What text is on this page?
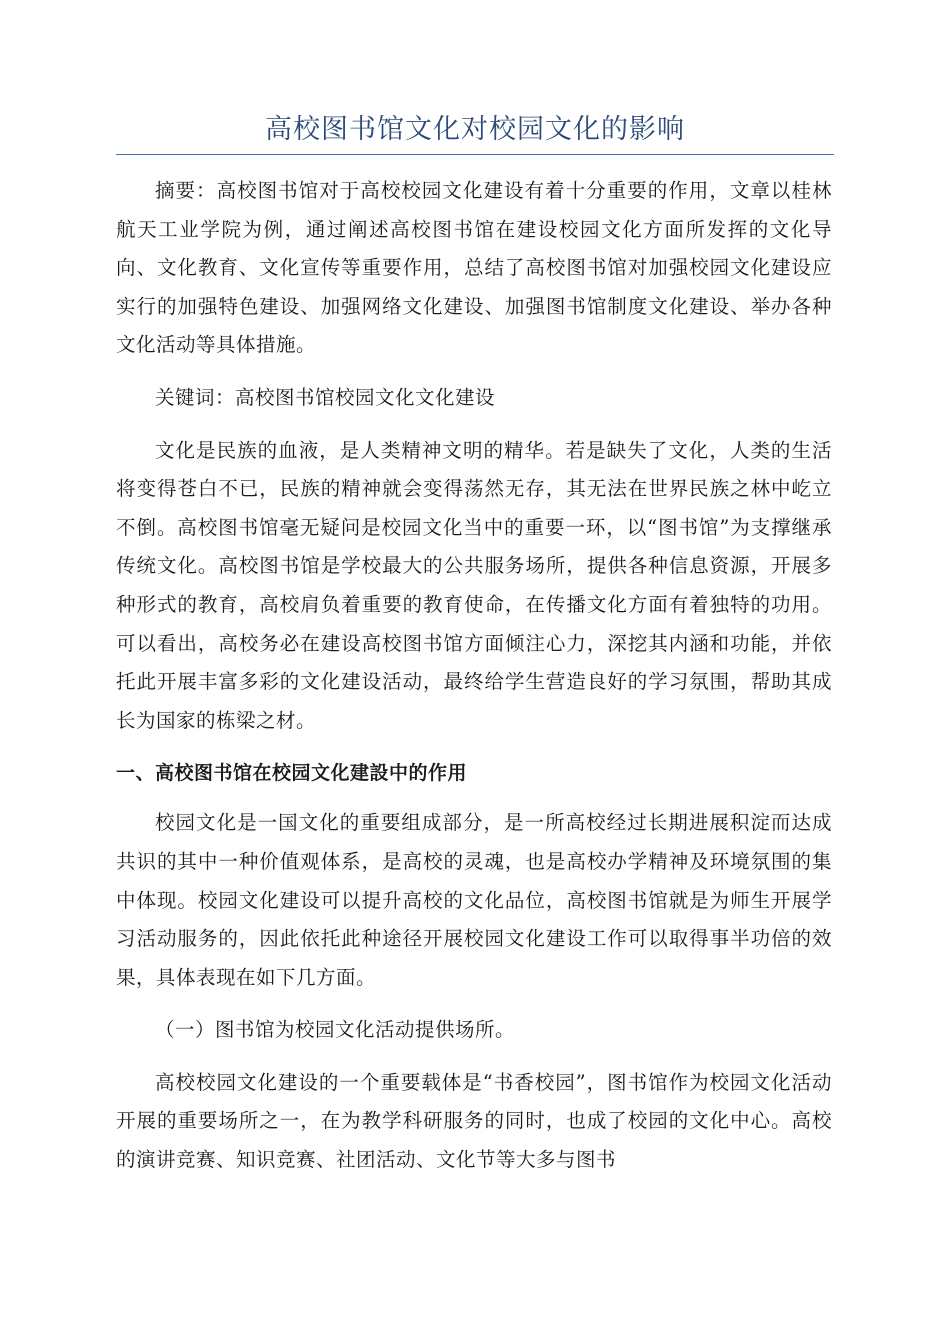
高校图书馆文化对校园文化的影响

摘要：高校图书馆对于高校校园文化建设有着十分重要的作用，文章以桂林航天工业学院为例，通过阐述高校图书馆在建设校园文化方面所发挥的文化导向、文化教育、文化宣传等重要作用，总结了高校图书馆对加强校园文化建设应实行的加强特色建设、加强网络文化建设、加强图书馆制度文化建设、举办各种文化活动等具体措施。

关键词：高校图书馆校园文化文化建设

文化是民族的血液，是人类精神文明的精华。若是缺失了文化，人类的生活将变得苍白不已，民族的精神就会变得荡然无存，其无法在世界民族之林中屹立不倒。高校图书馆毫无疑问是校园文化当中的重要一环，以“图书馆”为支撑继承传统文化。高校图书馆是学校最大的公共服务场所，提供各种信息资源，开展多种形式的教育，高校肩负着重要的教育使命，在传播文化方面有着独特的功用。可以看出，高校务必在建设高校图书馆方面倾注心力，深挖其内涵和功能，并依托此开展丰富多彩的文化建设活动，最终给学生营造良好的学习氛围，帮助其成长为国家的栋梁之材。

一、高校图书馆在校园文化建設中的作用

校园文化是一国文化的重要组成部分，是一所高校经过长期进展积淀而达成共识的其中一种价值观体系，是高校的灵魂，也是高校办学精神及环境氛围的集中体现。校园文化建设可以提升高校的文化品位，高校图书馆就是为师生开展学习活动服务的，因此依托此种途径开展校园文化建设工作可以取得事半功倍的效果，具体表现在如下几方面。

（一）图书馆为校园文化活动提供场所。

高校校园文化建设的一个重要载体是“书香校园”，图书馆作为校园文化活动开展的重要场所之一，在为教学科研服务的同时，也成了校园的文化中心。高校的演讲竞赛、知识竞赛、社团活动、文化节等大多与图书
